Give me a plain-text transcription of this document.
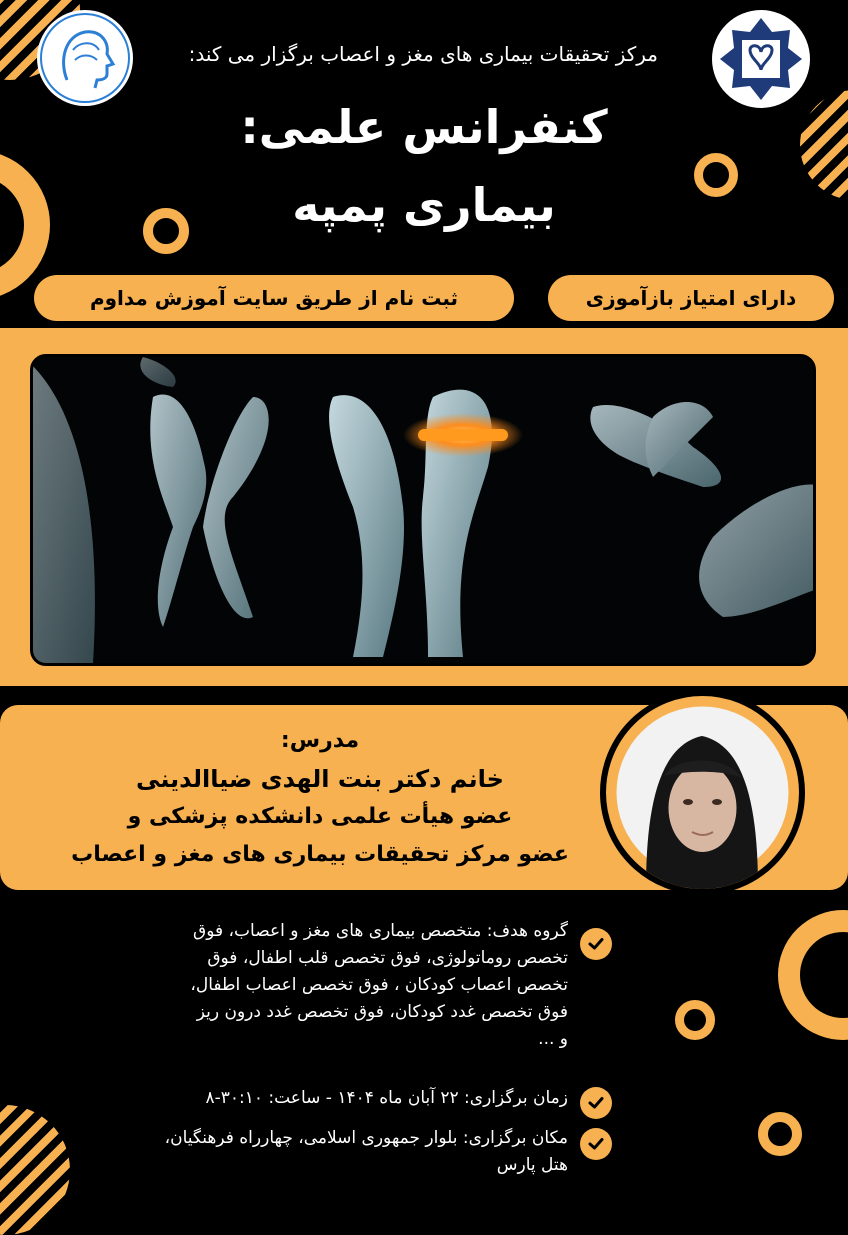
مرکز تحقیقات بیماری های مغز و اعصاب برگزار می کند:
کنفرانس علمی:
بیماری پمپه
دارای امتیاز بازآموزی
ثبت نام از طریق سایت آموزش مداوم
مدرس:
خانم دکتر بنت الهدی ضیاالدینی
عضو هیأت علمی دانشکده پزشکی و
عضو مرکز تحقیقات بیماری های مغز و اعصاب
گروه هدف: متخصص بیماری های مغز و اعصاب، فوق
تخصص روماتولوژی، فوق تخصص قلب اطفال، فوق
تخصص اعصاب کودکان ، فوق تخصص اعصاب اطفال،
فوق تخصص غدد کودکان، فوق تخصص غدد درون ریز
و ...
زمان برگزاری: ۲۲ آبان ماه ۱۴۰۴ - ساعت: ۳۰:۱۰-۸
مکان برگزاری: بلوار جمهوری اسلامی، چهارراه فرهنگیان،
هتل پارس
